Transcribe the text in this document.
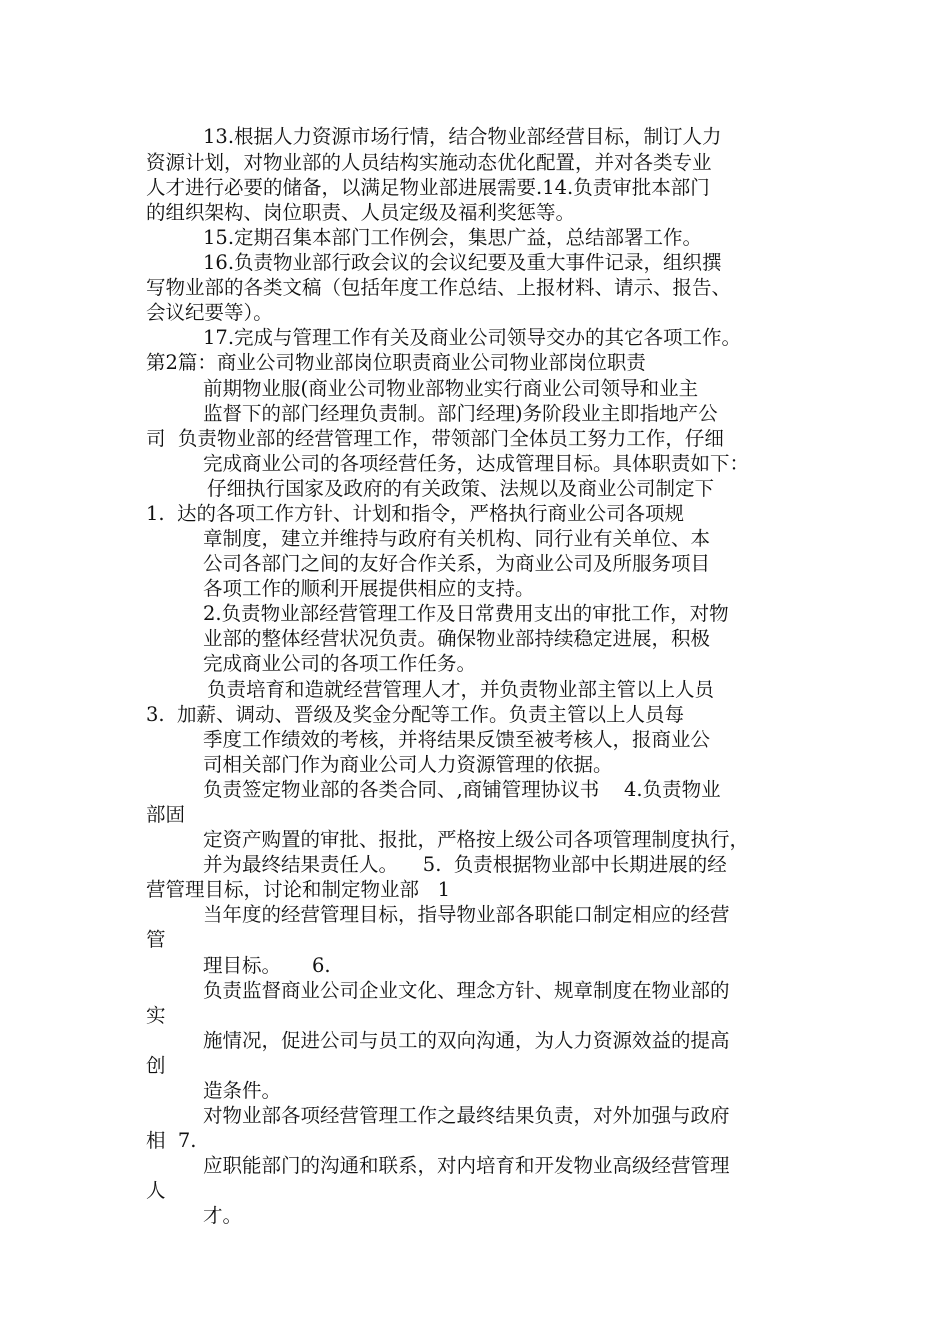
13.根据人力资源市场行情，结合物业部经营目标，制订人力
资源计划，对物业部的人员结构实施动态优化配置，并对各类专业
人才进行必要的储备，以满足物业部进展需要.14.负责审批本部门
的组织架构、岗位职责、人员定级及福利奖惩等。
15.定期召集本部门工作例会，集思广益，总结部署工作。
16.负责物业部行政会议的会议纪要及重大事件记录，组织撰
写物业部的各类文稿（包括年度工作总结、上报材料、请示、报告、
会议纪要等）。
17.完成与管理工作有关及商业公司领导交办的其它各项工作。
第2篇：商业公司物业部岗位职责商业公司物业部岗位职责
前期物业服(商业公司物业部物业实行商业公司领导和业主
监督下的部门经理负责制。部门经理)务阶段业主即指地产公
司  负责物业部的经营管理工作，带领部门全体员工努力工作，仔细
完成商业公司的各项经营任务，达成管理目标。具体职责如下：
仔细执行国家及政府的有关政策、法规以及商业公司制定下
1.  达的各项工作方针、计划和指令，严格执行商业公司各项规
章制度，建立并维持与政府有关机构、同行业有关单位、本
公司各部门之间的友好合作关系，为商业公司及所服务项目
各项工作的顺利开展提供相应的支持。
2.负责物业部经营管理工作及日常费用支出的审批工作，对物
业部的整体经营状况负责。确保物业部持续稳定进展，积极
完成商业公司的各项工作任务。
负责培育和造就经营管理人才，并负责物业部主管以上人员
3.  加薪、调动、晋级及奖金分配等工作。负责主管以上人员每
季度工作绩效的考核，并将结果反馈至被考核人，报商业公
司相关部门作为商业公司人力资源管理的依据。
负责签定物业部的各类合同、,商铺管理协议书    4.负责物业
部固
定资产购置的审批、报批，严格按上级公司各项管理制度执行，
并为最终结果责任人。    5.  负责根据物业部中长期进展的经
营管理目标，讨论和制定物业部   1
当年度的经营管理目标，指导物业部各职能口制定相应的经营
管
理目标。     6.
负责监督商业公司企业文化、理念方针、规章制度在物业部的
实
施情况，促进公司与员工的双向沟通，为人力资源效益的提高
创
造条件。
对物业部各项经营管理工作之最终结果负责，对外加强与政府
相  7.
应职能部门的沟通和联系，对内培育和开发物业高级经营管理
人
才。
